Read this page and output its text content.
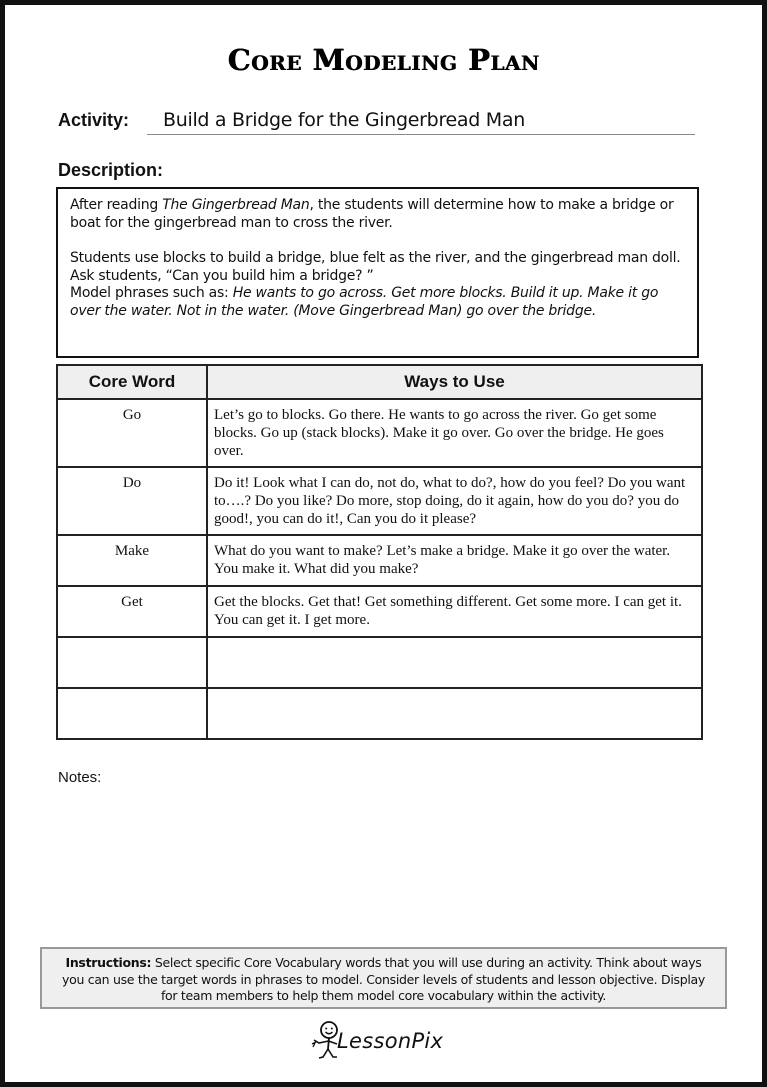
Core Modeling Plan
Activity: Build a Bridge for the Gingerbread Man
Description:

After reading The Gingerbread Man, the students will determine how to make a bridge or boat for the gingerbread man to cross the river.

Students use blocks to build a bridge, blue felt as the river, and the gingerbread man doll. Ask students, “Can you build him a bridge? ”

Model phrases such as: He wants to go across. Get more blocks. Build it up. Make it go over the water. Not in the water. (Move Gingerbread Man) go over the bridge.

Core Word	Ways to Use
Go	Let’s go to blocks. Go there. He wants to go across the river. Go get some blocks. Go up (stack blocks). Make it go over. Go over the bridge. He goes over.
Do	Do it! Look what I can do, not do, what to do?, how do you feel? Do you want to….? Do you like? Do more, stop doing, do it again, how do you do? you do good!, you can do it!, Can you do it please?
Make	What do you want to make? Let’s make a bridge. Make it go over the water. You make it. What did you make?
Get	Get the blocks. Get that! Get something different. Get some more. I can get it. You can get it. I get more.

Notes:
Instructions: Select specific Core Vocabulary words that you will use during an activity. Think about ways you can use the target words in phrases to model. Consider levels of students and lesson objective. Display for team members to help them model core vocabulary within the activity.
LessonPix
